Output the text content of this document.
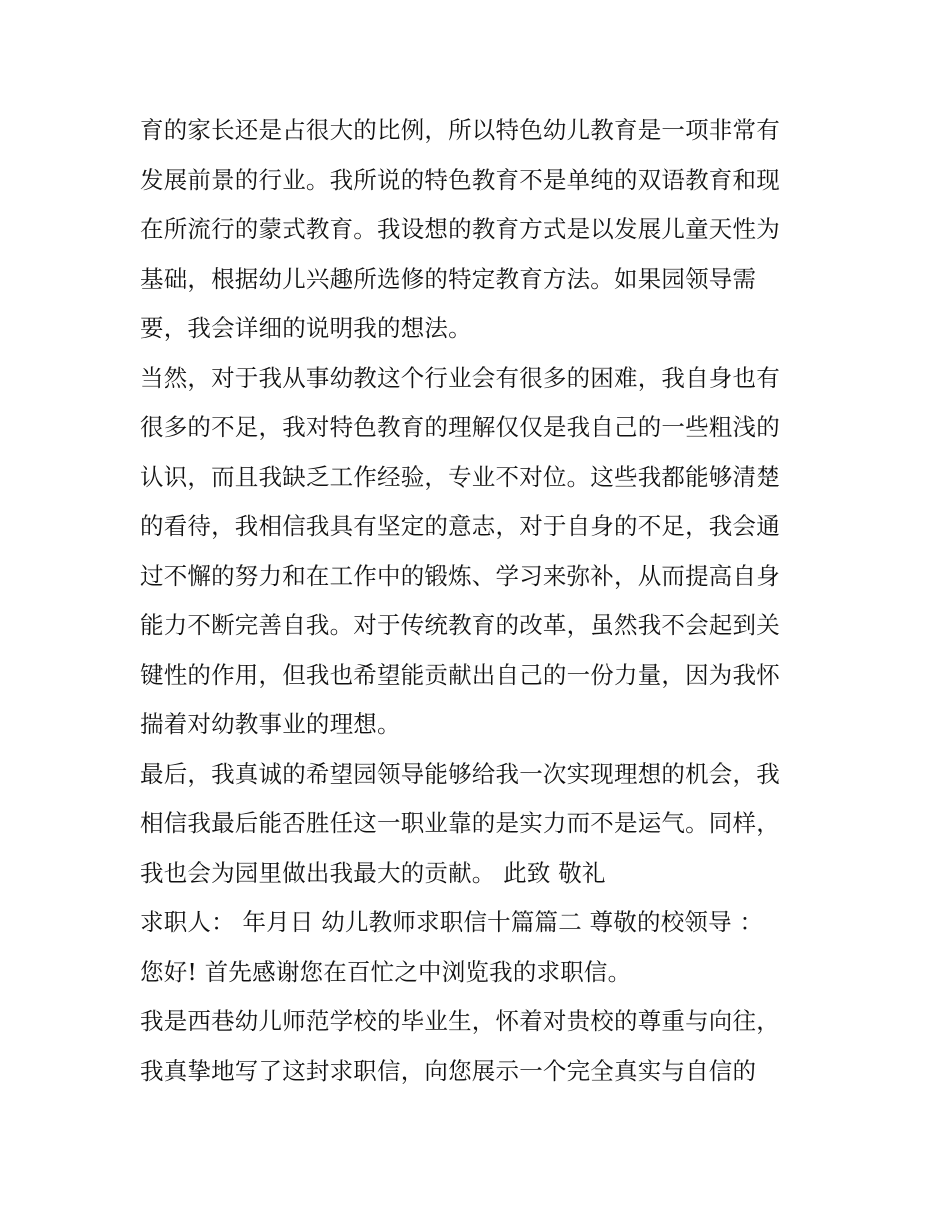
育的家长还是占很大的比例，所以特色幼儿教育是一项非常有
发展前景的行业。我所说的特色教育不是单纯的双语教育和现
在所流行的蒙式教育。我设想的教育方式是以发展儿童天性为
基础，根据幼儿兴趣所选修的特定教育方法。如果园领导需
要，我会详细的说明我的想法。
当然，对于我从事幼教这个行业会有很多的困难，我自身也有
很多的不足，我对特色教育的理解仅仅是我自己的一些粗浅的
认识，而且我缺乏工作经验，专业不对位。这些我都能够清楚
的看待，我相信我具有坚定的意志，对于自身的不足，我会通
过不懈的努力和在工作中的锻炼、学习来弥补，从而提高自身
能力不断完善自我。对于传统教育的改革，虽然我不会起到关
键性的作用，但我也希望能贡献出自己的一份力量，因为我怀
揣着对幼教事业的理想。
最后，我真诚的希望园领导能够给我一次实现理想的机会，我
相信我最后能否胜任这一职业靠的是实力而不是运气。同样，
我也会为园里做出我最大的贡献。 此致 敬礼
求职人： 年月日 幼儿教师求职信十篇篇二 尊敬的校领导 ：
您好! 首先感谢您在百忙之中浏览我的求职信。
我是西巷幼儿师范学校的毕业生，怀着对贵校的尊重与向往，
我真挚地写了这封求职信，向您展示一个完全真实与自信的
